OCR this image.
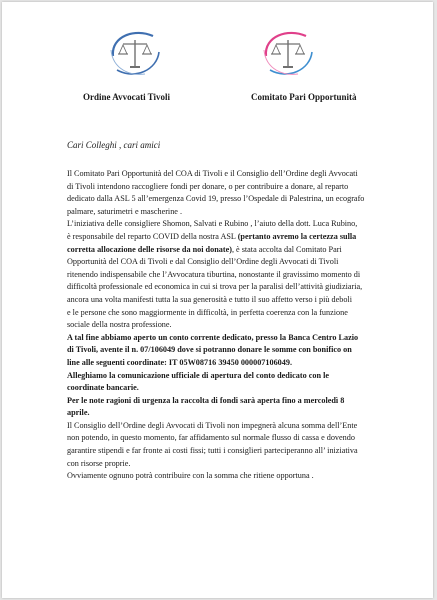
Ordine Avvocati Tivoli	Comitato Pari Opportunità
Cari Colleghi , cari amici

Il Comitato Pari Opportunità del COA di Tivoli e il Consiglio dell’Ordine degli Avvocati
di Tivoli intendono raccogliere fondi per donare, o per contribuire a donare, al reparto
dedicato dalla ASL 5 all’emergenza Covid 19, presso l’Ospedale di Palestrina, un ecografo
palmare, saturimetri e mascherine .

L’iniziativa delle consigliere Shomon, Salvati e Rubino , l’aiuto della dott. Luca Rubino,
è responsabile del reparto COVID della nostra ASL (pertanto avremo la certezza sulla
corretta allocazione delle risorse da noi donate), è stata accolta dal Comitato Pari
Opportunità del COA di Tivoli e dal Consiglio dell’Ordine degli Avvocati di Tivoli
ritenendo indispensabile che l’Avvocatura tiburtina, nonostante il gravissimo momento di
difficoltà professionale ed economica in cui si trova per la paralisi dell’attività giudiziaria,
ancora una volta manifesti tutta la sua generosità e tutto il suo affetto verso i più deboli
e le persone che sono maggiormente in difficoltà, in perfetta coerenza con la funzione
sociale della nostra professione.

A tal fine abbiamo aperto un conto corrente dedicato, presso la Banca Centro Lazio
di Tivoli, avente il n. 07/106049 dove si potranno donare le somme con bonifico on
line alle seguenti coordinate: IT 05W08716 39450 000007106049.

Alleghiamo la comunicazione ufficiale di apertura del conto dedicato con le
coordinate bancarie.

Per le note ragioni di urgenza la raccolta di fondi sarà aperta fino a mercoledì 8
aprile.

Il Consiglio dell’Ordine degli Avvocati di Tivoli non impegnerà alcuna somma dell’Ente
non potendo, in questo momento, far affidamento sul normale flusso di cassa e dovendo
garantire stipendi e far fronte ai costi fissi; tutti i consiglieri parteciperanno all’ iniziativa
con risorse proprie.

Ovviamente ognuno potrà contribuire con la somma che ritiene opportuna .
